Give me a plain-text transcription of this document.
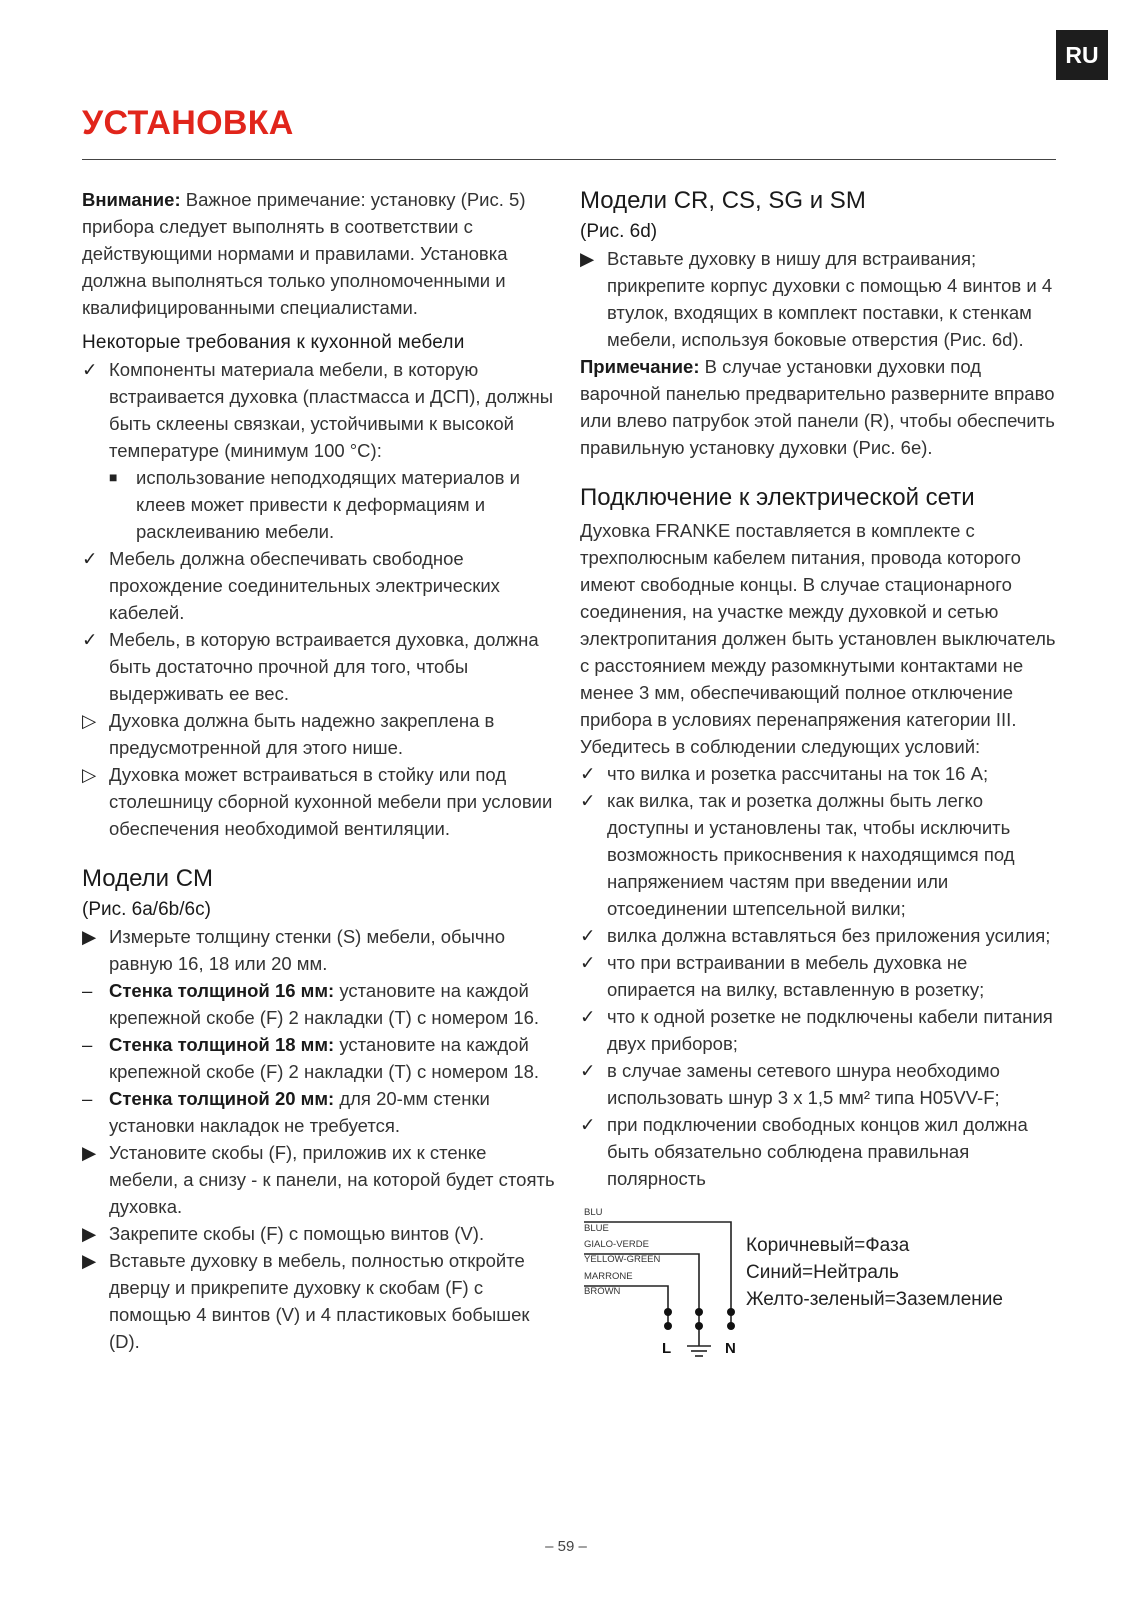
RU
УСТАНОВКА

Внимание: Важное примечание: установку (Рис. 5) прибора следует выполнять в соответствии с действующими нормами и правилами. Установка должна выполняться только уполномоченными и квалифицированными специалистами.

Некоторые требования к кухонной мебели

✓ Компоненты материала мебели, в которую встраивается духовка (пластмасса и ДСП), должны быть склеены связкаи, устойчивыми к высокой температуре (минимум 100 °С):
■ использование неподходящих материалов и клеев может привести к деформациям и расклеиванию мебели.
✓ Мебель должна обеспечивать свободное прохождение соединительных электрических кабелей.
✓ Мебель, в которую встраивается духовка, должна быть достаточно прочной для того, чтобы выдерживать ее вес.
▷ Духовка должна быть надежно закреплена в предусмотренной для этого нише.
▷ Духовка может встраиваться в стойку или под столешницу сборной кухонной мебели при условии обеспечения необходимой вентиляции.

Модели CM

(Рис. 6a/6b/6c)

▶ Измерьте толщину стенки (S) мебели, обычно равную 16, 18 или 20 мм.
– Стенка толщиной 16 мм: установите на каждой крепежной скобе (F) 2 накладки (T) с номером 16.
– Стенка толщиной 18 мм: установите на каждой крепежной скобе (F) 2 накладки (T) с номером 18.
– Стенка толщиной 20 мм: для 20-мм стенки установки накладок не требуется.
▶ Установите скобы (F), приложив их к стенке мебели, а снизу - к панели, на которой будет стоять духовка.
▶ Закрепите скобы (F) с помощью винтов (V).
▶ Вставьте духовку в мебель, полностью откройте дверцу и прикрепите духовку к скобам (F) с помощью 4 винтов (V) и 4 пластиковых бобышек (D).

Модели CR, CS, SG и SM

(Рис. 6d)

▶ Вставьте духовку в нишу для встраивания; прикрепите корпус духовки с помощью 4 винтов и 4 втулок, входящих в комплект поставки, к стенкам мебели, используя боковые отверстия (Рис. 6d).

Примечание: В случае установки духовки под варочной панелью предварительно разверните вправо или влево патрубок этой панели (R), чтобы обеспечить правильную установку духовки (Рис. 6е).

Подключение к электрической сети

Духовка FRANKE поставляется в комплекте с трехполюсным кабелем питания, провода которого имеют свободные концы. В случае стационарного соединения, на участке между духовкой и сетью электропитания должен быть установлен выключатель с расстоянием между разомкнутыми контактами не менее 3 мм, обеспечивающий полное отключение прибора в условиях перенапряжения категории III.

Убедитесь в соблюдении следующих условий:

✓ что вилка и розетка рассчитаны на ток 16 А;
✓ как вилка, так и розетка должны быть легко доступны и установлены так, чтобы исключить возможность прикоснвения к находящимся под напряжением частям при введении или отсоединении штепсельной вилки;
✓ вилка должна вставляться без приложения усилия;
✓ что при встраивании в мебель духовка не опирается на вилку, вставленную в розетку;
✓ что к одной розетке не подключены кабели питания двух приборов;
✓ в случае замены сетевого шнура необходимо использовать шнур 3 x 1,5 мм² типа H05VV-F;
✓ при подключении свободных концов жил должна быть обязательно соблюдена правильная полярность
BLU
BLUE
GIALO-VERDE
YELLOW-GREEN
MARRONE
BROWN
L	N
Коричневый=Фаза
Синий=Нейтраль
Желто-зеленый=Заземление
– 59 –
